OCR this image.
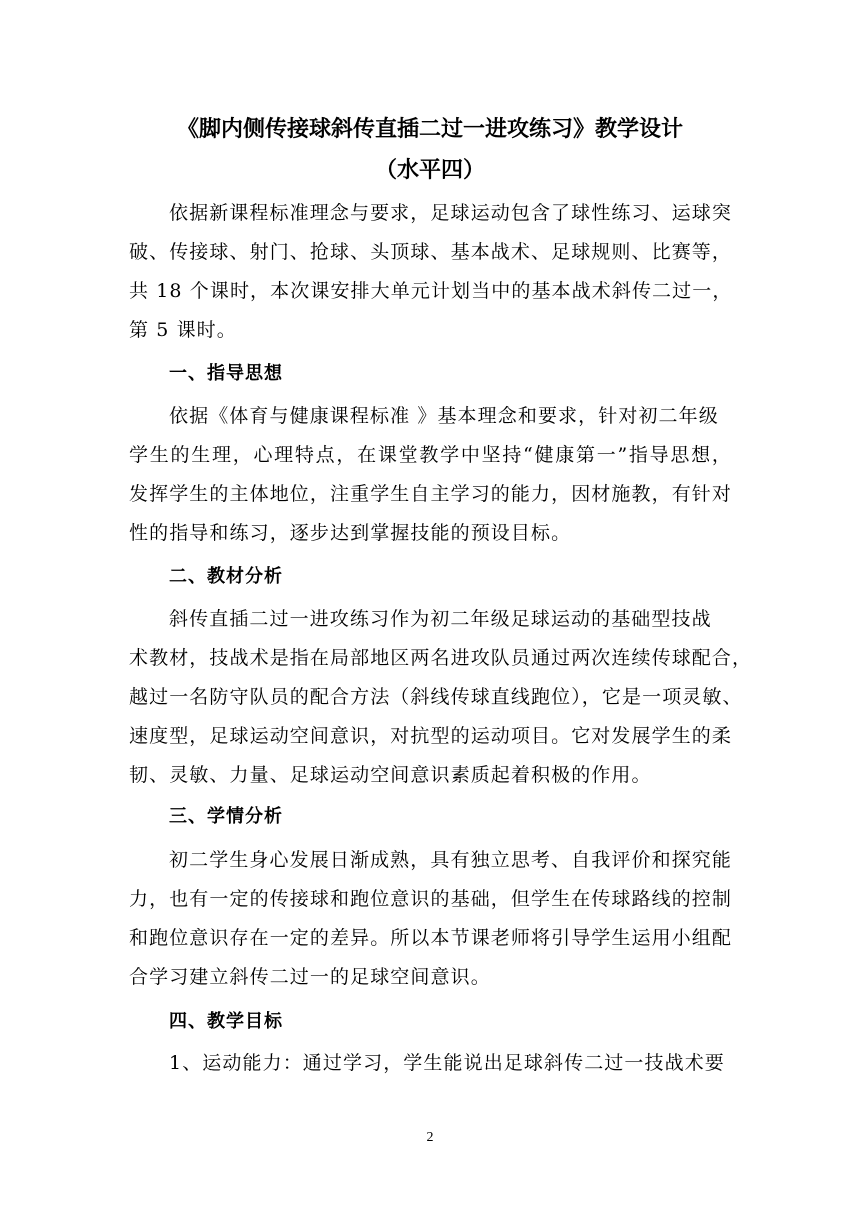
《脚内侧传接球斜传直插二过一进攻练习》教学设计
（水平四）
依据新课程标准理念与要求，足球运动包含了球性练习、运球突
破、传接球、射门、抢球、头顶球、基本战术、足球规则、比赛等，
共 18 个课时，本次课安排大单元计划当中的基本战术斜传二过一，
第 5 课时。
一、指导思想
依据《体育与健康课程标准 》基本理念和要求，针对初二年级
学生的生理，心理特点，在课堂教学中坚持“健康第一”指导思想，
发挥学生的主体地位，注重学生自主学习的能力，因材施教，有针对
性的指导和练习，逐步达到掌握技能的预设目标。
二、教材分析
斜传直插二过一进攻练习作为初二年级足球运动的基础型技战
术教材，技战术是指在局部地区两名进攻队员通过两次连续传球配合，
越过一名防守队员的配合方法（斜线传球直线跑位），它是一项灵敏、
速度型，足球运动空间意识，对抗型的运动项目。它对发展学生的柔
韧、灵敏、力量、足球运动空间意识素质起着积极的作用。
三、学情分析
初二学生身心发展日渐成熟，具有独立思考、自我评价和探究能
力，也有一定的传接球和跑位意识的基础，但学生在传球路线的控制
和跑位意识存在一定的差异。所以本节课老师将引导学生运用小组配
合学习建立斜传二过一的足球空间意识。
四、教学目标
1、运动能力：通过学习，学生能说出足球斜传二过一技战术要
2
